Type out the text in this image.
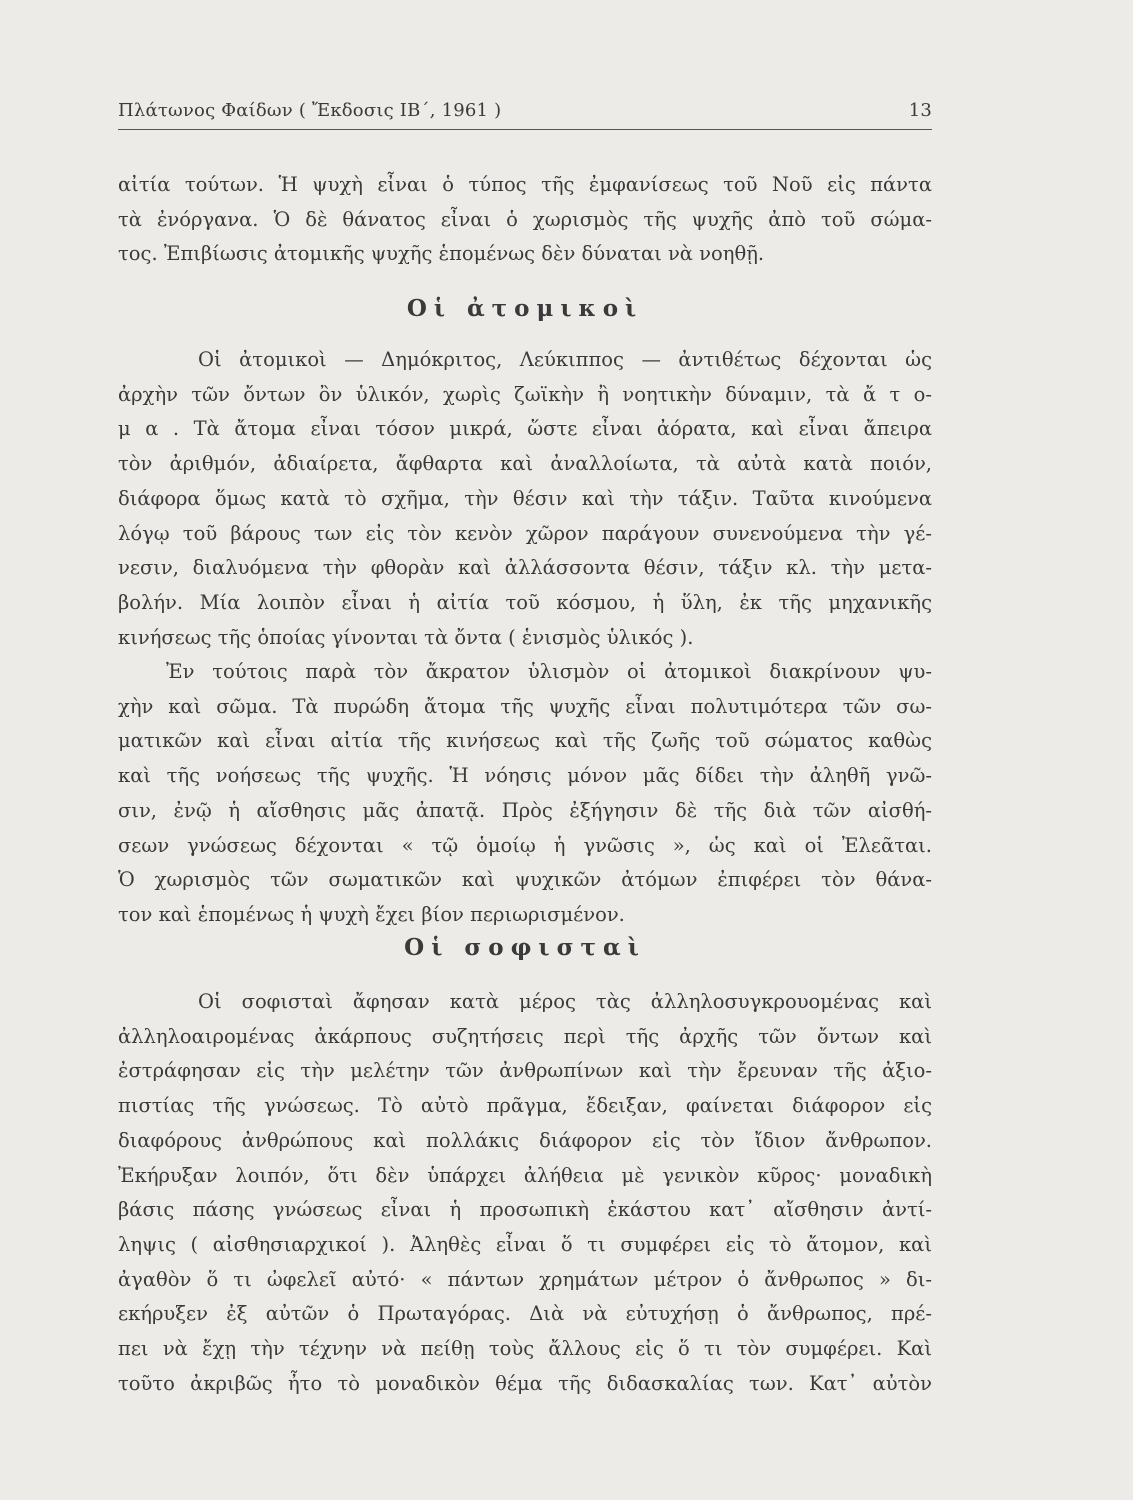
Πλάτωνος Φαίδων ( Ἔκδοσις ΙΒ΄, 1961 )	13
αἰτία τούτων. Ἡ ψυχὴ εἶναι ὁ τύπος τῆς ἐμφανίσεως τοῦ Νοῦ εἰς πάντα
τὰ ἐνόργανα. Ὁ δὲ θάνατος εἶναι ὁ χωρισμὸς τῆς ψυχῆς ἀπὸ τοῦ σώμα-
τος. Ἐπιβίωσις ἀτομικῆς ψυχῆς ἑπομένως δὲν δύναται νὰ νοηθῇ.
Οἱ ἀτομικοὶ
Οἱ ἀτομικοὶ — Δημόκριτος, Λεύκιππος — ἀντιθέτως δέχονται ὡς
ἀρχὴν τῶν ὄντων ὂν ὑλικόν, χωρὶς ζωϊκὴν ἢ νοητικὴν δύναμιν, τὰ ἄ τ ο-
μ α . Τὰ ἄτομα εἶναι τόσον μικρά, ὥστε εἶναι ἀόρατα, καὶ εἶναι ἄπειρα
τὸν ἀριθμόν, ἀδιαίρετα, ἄφθαρτα καὶ ἀναλλοίωτα, τὰ αὐτὰ κατὰ ποιόν,
διάφορα ὅμως κατὰ τὸ σχῆμα, τὴν θέσιν καὶ τὴν τάξιν. Ταῦτα κινούμενα
λόγῳ τοῦ βάρους των εἰς τὸν κενὸν χῶρον παράγουν συνενούμενα τὴν γέ-
νεσιν, διαλυόμενα τὴν φθορὰν καὶ ἀλλάσσοντα θέσιν, τάξιν κλ. τὴν μετα-
βολήν. Μία λοιπὸν εἶναι ἡ αἰτία τοῦ κόσμου, ἡ ὕλη, ἐκ τῆς μηχανικῆς
κινήσεως τῆς ὁποίας γίνονται τὰ ὄντα ( ἑνισμὸς ὑλικός ).
Ἐν τούτοις παρὰ τὸν ἄκρατον ὑλισμὸν οἱ ἀτομικοὶ διακρίνουν ψυ-
χὴν καὶ σῶμα. Τὰ πυρώδη ἄτομα τῆς ψυχῆς εἶναι πολυτιμότερα τῶν σω-
ματικῶν καὶ εἶναι αἰτία τῆς κινήσεως καὶ τῆς ζωῆς τοῦ σώματος καθὼς
καὶ τῆς νοήσεως τῆς ψυχῆς. Ἡ νόησις μόνον μᾶς δίδει τὴν ἀληθῆ γνῶ-
σιν, ἐνῷ ἡ αἴσθησις μᾶς ἀπατᾷ. Πρὸς ἐξήγησιν δὲ τῆς διὰ τῶν αἰσθή-
σεων γνώσεως δέχονται « τῷ ὁμοίῳ ἡ γνῶσις », ὡς καὶ οἱ Ἐλεᾶται.
Ὁ χωρισμὸς τῶν σωματικῶν καὶ ψυχικῶν ἀτόμων ἐπιφέρει τὸν θάνα-
τον καὶ ἑπομένως ἡ ψυχὴ ἔχει βίον περιωρισμένον.
Οἱ σοφισταὶ
Οἱ σοφισταὶ ἄφησαν κατὰ μέρος τὰς ἀλληλοσυγκρουομένας καὶ
ἀλληλοαιρομένας ἀκάρπους συζητήσεις περὶ τῆς ἀρχῆς τῶν ὄντων καὶ
ἐστράφησαν εἰς τὴν μελέτην τῶν ἀνθρωπίνων καὶ τὴν ἔρευναν τῆς ἀξιο-
πιστίας τῆς γνώσεως. Τὸ αὐτὸ πρᾶγμα, ἔδειξαν, φαίνεται διάφορον εἰς
διαφόρους ἀνθρώπους καὶ πολλάκις διάφορον εἰς τὸν ἴδιον ἄνθρωπον.
Ἐκήρυξαν λοιπόν, ὅτι δὲν ὑπάρχει ἀλήθεια μὲ γενικὸν κῦρος· μοναδικὴ
βάσις πάσης γνώσεως εἶναι ἡ προσωπικὴ ἑκάστου κατ᾽ αἴσθησιν ἀντί-
ληψις ( αἰσθησιαρχικοί ). Ἀληθὲς εἶναι ὅ τι συμφέρει εἰς τὸ ἄτομον, καὶ
ἀγαθὸν ὅ τι ὠφελεῖ αὐτό· « πάντων χρημάτων μέτρον ὁ ἄνθρωπος » δι-
εκήρυξεν ἐξ αὐτῶν ὁ Πρωταγόρας. Διὰ νὰ εὐτυχήσῃ ὁ ἄνθρωπος, πρέ-
πει νὰ ἔχῃ τὴν τέχνην νὰ πείθῃ τοὺς ἄλλους εἰς ὅ τι τὸν συμφέρει. Καὶ
τοῦτο ἀκριβῶς ἦτο τὸ μοναδικὸν θέμα τῆς διδασκαλίας των. Κατ᾽ αὐτὸν
